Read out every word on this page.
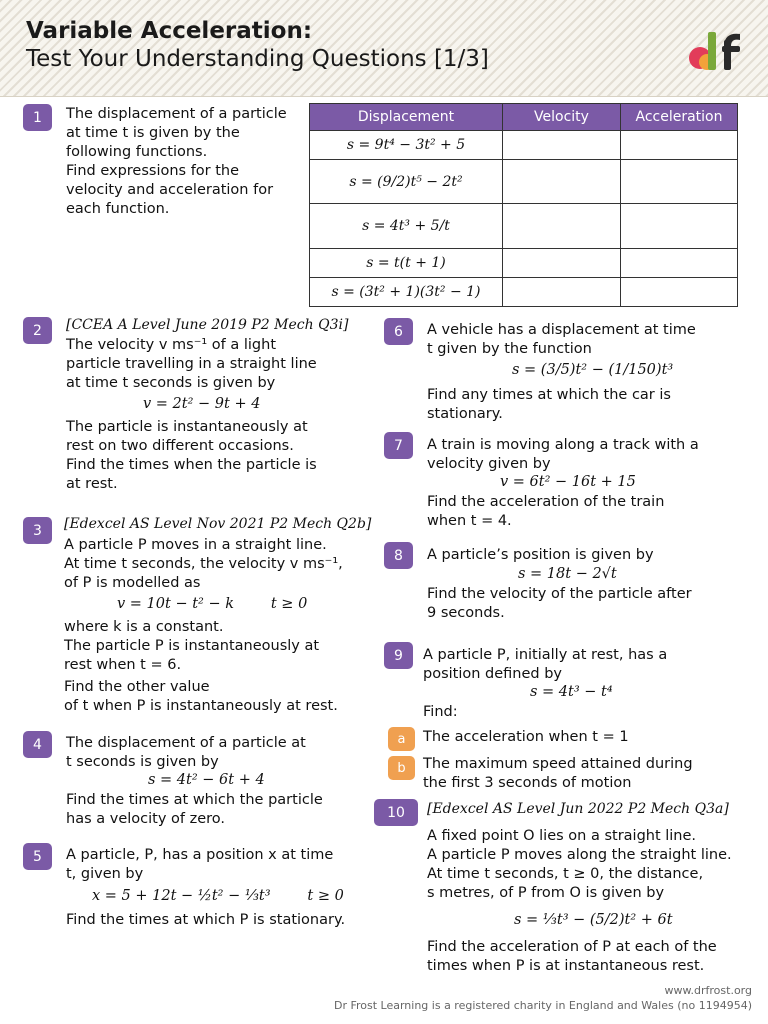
Variable Acceleration:
Test Your Understanding Questions [1/3]
1	The displacement of a particle
at time t is given by the
following functions.
Find expressions for the
velocity and acceleration for
each function.
Displacement	Velocity	Acceleration
s = 9t⁴ − 3t² + 5		
s = (9/2)t⁵ − 2t²		
s = 4t³ + 5/t		
s = t(t + 1)		
s = (3t² + 1)(3t² − 1)		
2	[CCEA A Level June 2019 P2 Mech Q3i]
The velocity v ms⁻¹ of a light
particle travelling in a straight line
at time t seconds is given by
v = 2t² − 9t + 4
The particle is instantaneously at
rest on two different occasions.
Find the times when the particle is
at rest.
3	[Edexcel AS Level Nov 2021 P2 Mech Q2b]
A particle P moves in a straight line.
At time t seconds, the velocity v ms⁻¹,
of P is modelled as
v = 10t − t² − k        t ≥ 0
where k is a constant.
The particle P is instantaneously at
rest when t = 6.
Find the other value
of t when P is instantaneously at rest.
4	The displacement of a particle at
t seconds is given by
s = 4t² − 6t + 4
Find the times at which the particle
has a velocity of zero.
5	A particle, P, has a position x at time
t, given by
x = 5 + 12t − ½t² − ⅓t³        t ≥ 0
Find the times at which P is stationary.
6	A vehicle has a displacement at time
t given by the function
s = (3/5)t² − (1/150)t³
Find any times at which the car is
stationary.
7	A train is moving along a track with a
velocity given by
v = 6t² − 16t + 15
Find the acceleration of the train
when t = 4.
8	A particle’s position is given by
s = 18t − 2√t
Find the velocity of the particle after
9 seconds.
9	A particle P, initially at rest, has a
position defined by
s = 4t³ − t⁴
Find:
a	The acceleration when t = 1
b	The maximum speed attained during
the first 3 seconds of motion
10	[Edexcel AS Level Jun 2022 P2 Mech Q3a]
A fixed point O lies on a straight line.
A particle P moves along the straight line.
At time t seconds, t ≥ 0, the distance,
s metres, of P from O is given by
s = ⅓t³ − (5/2)t² + 6t
Find the acceleration of P at each of the
times when P is at instantaneous rest.
www.drfrost.org
Dr Frost Learning is a registered charity in England and Wales (no 1194954)
